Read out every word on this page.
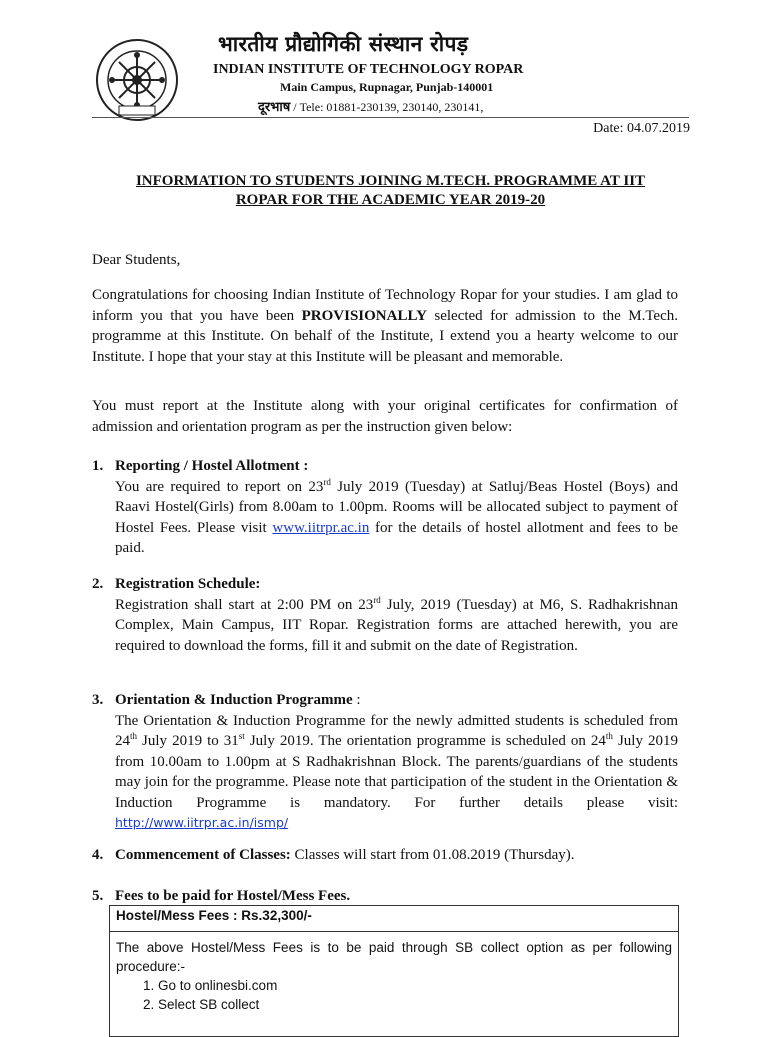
भारतीय प्रौद्योगिकी संस्थान रोपड़
INDIAN INSTITUTE OF TECHNOLOGY ROPAR
Main Campus, Rupnagar, Punjab-140001
दूरभाष / Tele: 01881-230139, 230140, 230141,
Date: 04.07.2019
INFORMATION TO STUDENTS JOINING M.TECH. PROGRAMME AT IIT
ROPAR FOR THE ACADEMIC YEAR 2019-20
Dear Students,
Congratulations for choosing Indian Institute of Technology Ropar for your studies. I am glad to inform you that you have been PROVISIONALLY selected for admission to the M.Tech. programme at this Institute. On behalf of the Institute, I extend you a hearty welcome to our Institute. I hope that your stay at this Institute will be pleasant and memorable.
You must report at the Institute along with your original certificates for confirmation of admission and orientation program as per the instruction given below:
1. Reporting / Hostel Allotment :
You are required to report on 23rd July 2019 (Tuesday) at Satluj/Beas Hostel (Boys) and Raavi Hostel(Girls) from 8.00am to 1.00pm. Rooms will be allocated subject to payment of Hostel Fees. Please visit www.iitrpr.ac.in for the details of hostel allotment and fees to be paid.
2. Registration Schedule:
Registration shall start at 2:00 PM on 23rd July, 2019 (Tuesday) at M6, S. Radhakrishnan Complex, Main Campus, IIT Ropar. Registration forms are attached herewith, you are required to download the forms, fill it and submit on the date of Registration.
3. Orientation & Induction Programme :
The Orientation & Induction Programme for the newly admitted students is scheduled from 24th July 2019 to 31st July 2019. The orientation programme is scheduled on 24th July 2019 from 10.00am to 1.00pm at S Radhakrishnan Block. The parents/guardians of the students may join for the programme. Please note that participation of the student in the Orientation & Induction Programme is mandatory. For further details please visit: http://www.iitrpr.ac.in/ismp/
4. Commencement of Classes: Classes will start from 01.08.2019 (Thursday).
5. Fees to be paid for Hostel/Mess Fees.
Hostel/Mess Fees : Rs.32,300/-
The above Hostel/Mess Fees is to be paid through SB collect option as per following procedure:-
1. Go to onlinesbi.com
2. Select SB collect
